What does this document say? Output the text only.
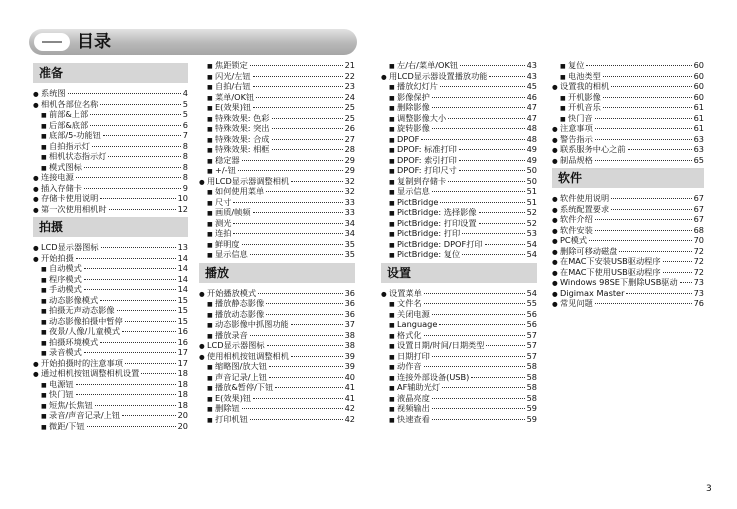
目录
准备
● 系统图	4
● 相机各部位名称	5
■ 前部&上部	5
■ 后部&底部	6
■ 底部/5-功能钮	7
■ 自拍指示灯	8
■ 相机状态指示灯	8
■ 模式图标	8
● 连接电源	8
● 插入存储卡	9
● 存储卡使用说明	10
● 第一次使用相机时	12
拍摄
● LCD显示器图标	13
● 开始拍摄	14
■ 自动模式	14
■ 程序模式	14
■ 手动模式	14
■ 动态影像模式	15
■ 拍摄无声动态影像	15
■ 动态影像拍摄中暂停	15
■ 夜景/人像/儿童模式	16
■ 拍摄环境模式	16
■ 录音模式	17
● 开始拍摄时的注意事项	17
● 通过相机按钮调整相机设置	18
■ 电源钮	18
■ 快门钮	18
■ 短焦/长焦钮	18
■ 录音/声音记录/上钮	20
■ 微距/下钮	20
■ 焦距锁定	21
■ 闪光/左钮	22
■ 自拍/右钮	23
■ 菜单/OK钮	24
■ E(效果)钮	25
■ 特殊效果: 色彩	25
■ 特殊效果: 突出	26
■ 特殊效果: 合成	27
■ 特殊效果: 相框	28
■ 稳定器	29
■ +/-钮	29
● 用LCD显示器调整相机	32
■ 如何使用菜单	32
■ 尺寸	33
■ 画质/帧频	33
■ 测光	34
■ 连拍	34
■ 鲜明度	35
■ 显示信息	35
播放
● 开始播放模式	36
■ 播放静态影像	36
■ 播放动态影像	36
■ 动态影像中抓图功能	37
■ 播放录音	38
● LCD显示器图标	38
● 使用相机按钮调整相机	39
■ 缩略图/放大钮	39
■ 声音记录/上钮	40
■ 播放&暂停/下钮	41
■ E(效果)钮	41
■ 删除钮	42
■ 打印机钮	42
■ 左/右/菜单/OK钮	43
● 用LCD显示器设置播放功能	43
■ 播放幻灯片	45
■ 影像保护	46
■ 删除影像	47
■ 调整影像大小	47
■ 旋转影像	48
■ DPOF	48
■ DPOF: 标准打印	49
■ DPOF: 索引打印	49
■ DPOF: 打印尺寸	50
■ 复制到存储卡	50
■ 显示信息	51
■ PictBridge	51
■ PictBridge: 选择影像	52
■ PictBridge: 打印设置	52
■ PictBridge: 打印	53
■ PictBridge: DPOF打印	54
■ PictBridge: 复位	54
设置
● 设置菜单	54
■ 文件名	55
■ 关闭电源	56
■ Language	56
■ 格式化	57
■ 设置日期/时间/日期类型	57
■ 日期打印	57
■ 动作音	58
■ 连接外部设备(USB)	58
■ AF辅助光灯	58
■ 液晶亮度	58
■ 视频输出	59
■ 快速查看	59
■ 复位	60
■ 电池类型	60
● 设置我的相机	60
■ 开机影像	60
■ 开机音乐	61
■ 快门音	61
● 注意事项	61
● 警告指示	63
● 联系服务中心之前	63
● 制品规格	65
软件
● 软件使用说明	67
● 系统配置要求	67
● 软件介绍	67
● 软件安装	68
● PC模式	70
● 删除可移动磁盘	72
● 在MAC下安装USB驱动程序	72
● 在MAC下使用USB驱动程序	72
● Windows 98SE下删除USB驱动 73
● Digimax Master	73
● 常见问题	76
3
